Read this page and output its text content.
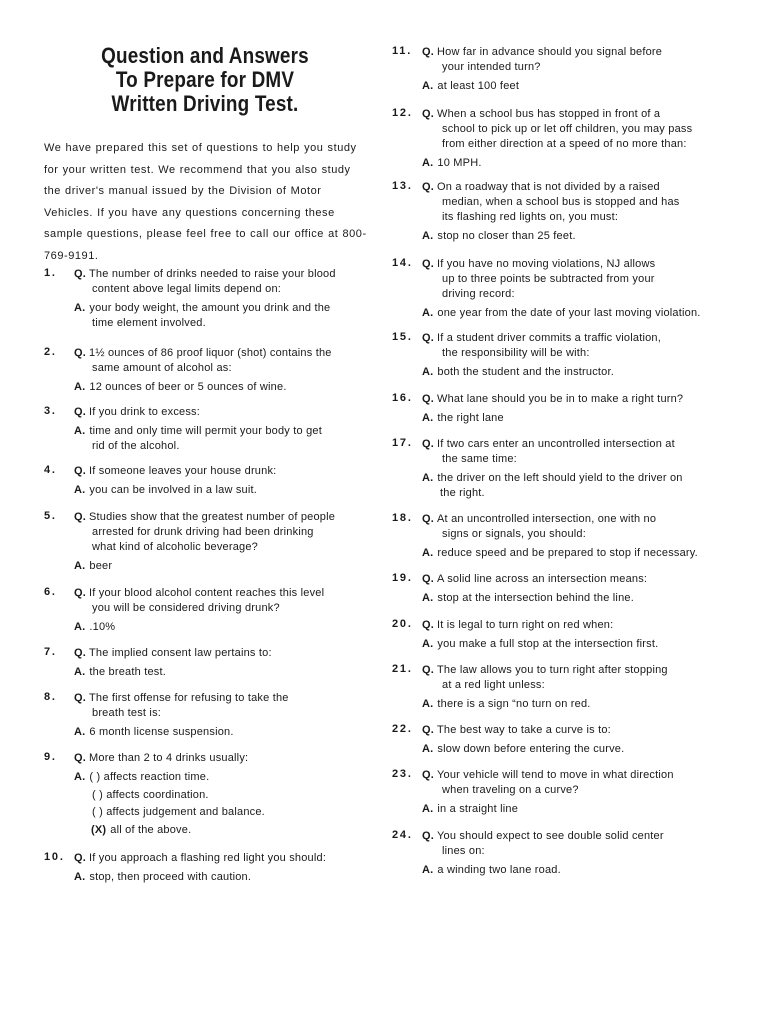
Question and Answers
To Prepare for DMV
Written Driving Test.
We have prepared this set of questions to help you study for your written test. We recommend that you also study the driver's manual issued by the Division of Motor Vehicles. If you have any questions concerning these sample questions, please feel free to call our office at 800-769-9191.
1.	Q. The number of drinks needed to raise your blood
content above legal limits depend on:
A. your body weight, the amount you drink and the
time element involved.
2.	Q. 1½ ounces of 86 proof liquor (shot) contains the
same amount of alcohol as:
A. 12 ounces of beer or 5 ounces of wine.
3.	Q. If you drink to excess:
A. time and only time will permit your body to get
rid of the alcohol.
4.	Q. If someone leaves your house drunk:
A. you can be involved in a law suit.
5.	Q. Studies show that the greatest number of people
arrested for drunk driving had been drinking
what kind of alcoholic beverage?
A. beer
6.	Q. If your blood alcohol content reaches this level
you will be considered driving drunk?
A. .10%
7.	Q. The implied consent law pertains to:
A. the breath test.
8.	Q. The first offense for refusing to take the
breath test is:
A. 6 month license suspension.
9.	Q. More than 2 to 4 drinks usually:
A. ( ) affects reaction time.
( ) affects coordination.
( ) affects judgement and balance.
(X) all of the above.
10. Q. If you approach a flashing red light you should:
A. stop, then proceed with caution.
11. Q. How far in advance should you signal before
your intended turn?
A. at least 100 feet
12. Q. When a school bus has stopped in front of a
school to pick up or let off children, you may pass
from either direction at a speed of no more than:
A. 10 MPH.
13. Q. On a roadway that is not divided by a raised
median, when a school bus is stopped and has
its flashing red lights on, you must:
A. stop no closer than 25 feet.
14. Q. If you have no moving violations, NJ allows
up to three points be subtracted from your
driving record:
A. one year from the date of your last moving violation.
15. Q. If a student driver commits a traffic violation,
the responsibility will be with:
A. both the student and the instructor.
16. Q. What lane should you be in to make a right turn?
A. the right lane
17. Q. If two cars enter an uncontrolled intersection at
the same time:
A. the driver on the left should yield to the driver on
the right.
18. Q. At an uncontrolled intersection, one with no
signs or signals, you should:
A. reduce speed and be prepared to stop if necessary.
19. Q. A solid line across an intersection means:
A. stop at the intersection behind the line.
20. Q. It is legal to turn right on red when:
A. you make a full stop at the intersection first.
21. Q. The law allows you to turn right after stopping
at a red light unless:
A. there is a sign “no turn on red.
22. Q. The best way to take a curve is to:
A. slow down before entering the curve.
23. Q. Your vehicle will tend to move in what direction
when traveling on a curve?
A. in a straight line
24. Q. You should expect to see double solid center
lines on:
A. a winding two lane road.
